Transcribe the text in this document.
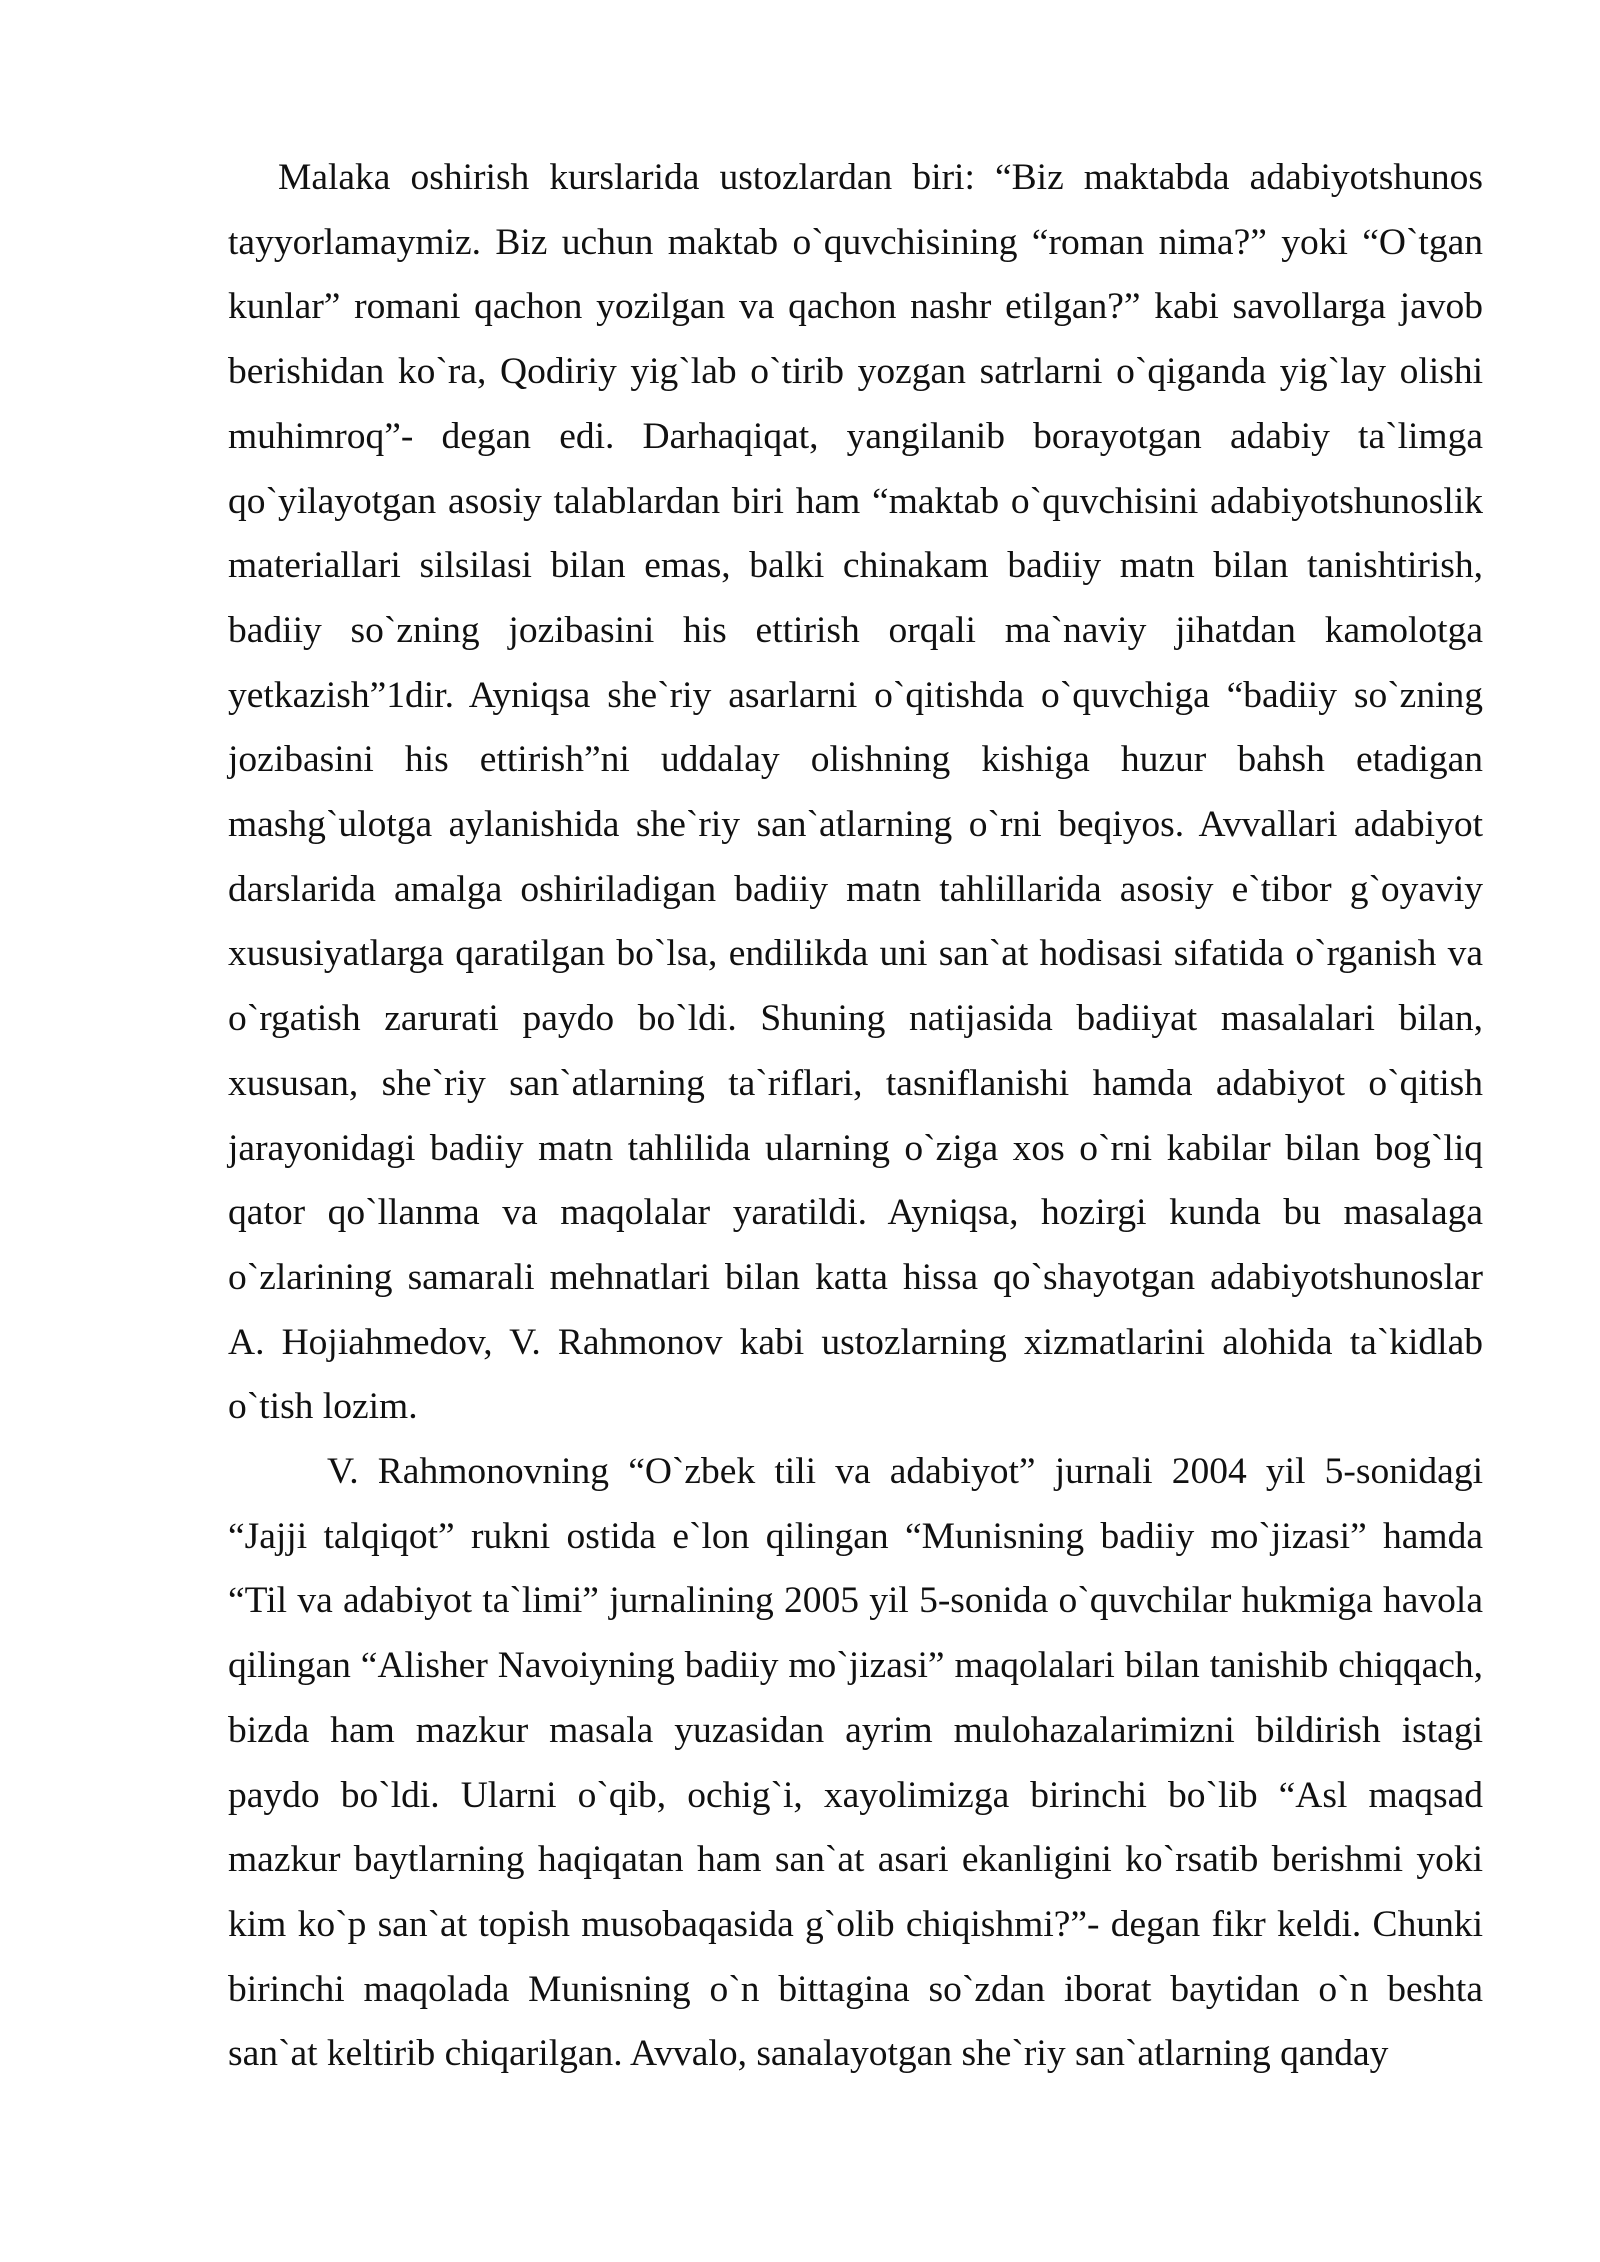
Malaka oshirish kurslarida ustozlardan biri: “Biz maktabda adabiyotshunos tayyorlamaymiz. Biz uchun maktab o`quvchisining “roman nima?” yoki “O`tgan kunlar” romani qachon yozilgan va qachon nashr etilgan?” kabi savollarga javob berishidan ko`ra, Qodiriy yig`lab o`tirib yozgan satrlarni o`qiganda yig`lay olishi muhimroq”- degan edi. Darhaqiqat, yangilanib borayotgan adabiy ta`limga qo`yilayotgan asosiy talablardan biri ham “maktab o`quvchisini adabiyotshunoslik materiallari silsilasi bilan emas, balki chinakam badiiy matn bilan tanishtirish, badiiy so`zning jozibasini his ettirish orqali ma`naviy jihatdan kamolotga yetkazish”1dir. Ayniqsa she`riy asarlarni o`qitishda o`quvchiga “badiiy so`zning jozibasini his ettirish”ni uddalay olishning kishiga huzur bahsh etadigan mashg`ulotga aylanishida she`riy san`atlarning o`rni beqiyos. Avvallari adabiyot darslarida amalga oshiriladigan badiiy matn tahlillarida asosiy e`tibor g`oyaviy xususiyatlarga qaratilgan bo`lsa, endilikda uni san`at hodisasi sifatida o`rganish va o`rgatish zarurati paydo bo`ldi. Shuning natijasida badiiyat masalalari bilan, xususan, she`riy san`atlarning ta`riflari, tasniflanishi hamda adabiyot o`qitish jarayonidagi badiiy matn tahlilida ularning o`ziga xos o`rni kabilar bilan bog`liq qator qo`llanma va maqolalar yaratildi. Ayniqsa, hozirgi kunda bu masalaga o`zlarining samarali mehnatlari bilan katta hissa qo`shayotgan adabiyotshunoslar A. Hojiahmedov, V. Rahmonov kabi ustozlarning xizmatlarini alohida ta`kidlab o`tish lozim.

V. Rahmonovning “O`zbek tili va adabiyot” jurnali 2004 yil 5-sonidagi “Jajji talqiqot” rukni ostida e`lon qilingan “Munisning badiiy mo`jizasi” hamda “Til va adabiyot ta`limi” jurnalining 2005 yil 5-sonida o`quvchilar hukmiga havola qilingan “Alisher Navoiyning badiiy mo`jizasi” maqolalari bilan tanishib chiqqach, bizda ham mazkur masala yuzasidan ayrim mulohazalarimizni bildirish istagi paydo bo`ldi. Ularni o`qib, ochig`i, xayolimizga birinchi bo`lib “Asl maqsad mazkur baytlarning haqiqatan ham san`at asari ekanligini ko`rsatib berishmi yoki kim ko`p san`at topish musobaqasida g`olib chiqishmi?”- degan fikr keldi. Chunki birinchi maqolada Munisning o`n bittagina so`zdan iborat baytidan o`n beshta san`at keltirib chiqarilgan. Avvalo, sanalayotgan she`riy san`atlarning qanday
